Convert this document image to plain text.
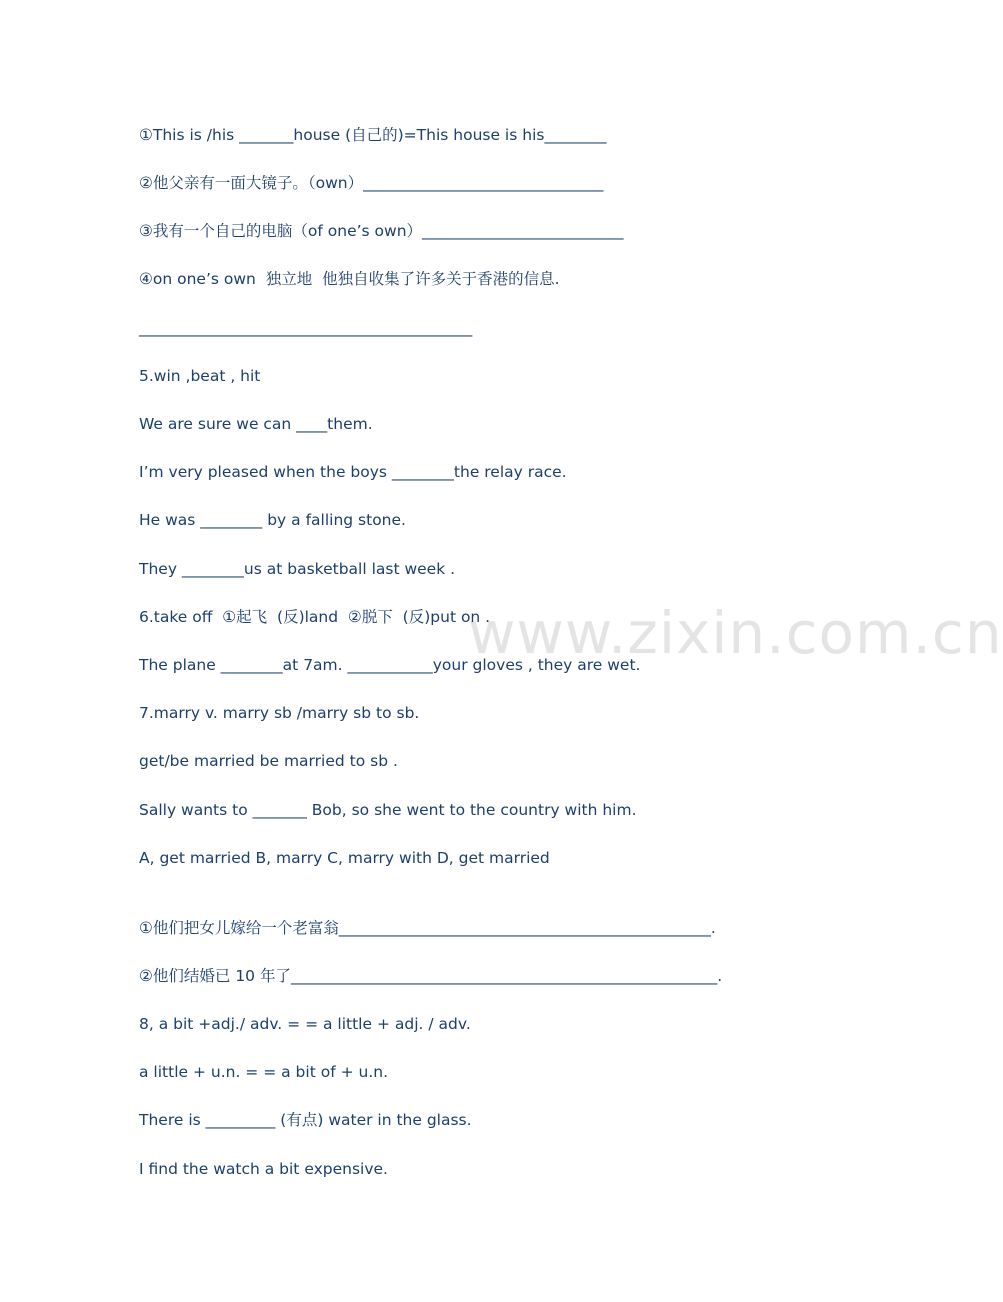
www.zixin.com.cn
①This is /his _______house (自己的)=This house is his________
②他父亲有一面大镜子。（own）_______________________________
③我有一个自己的电脑（of one’s own）__________________________
④on one’s own  独立地  他独自收集了许多关于香港的信息.
___________________________________________
5.win ,beat , hit
We are sure we can ____them.
I’m very pleased when the boys ________the relay race.
He was ________ by a falling stone.
They ________us at basketball last week .
6.take off  ①起飞  (反)land  ②脱下  (反)put on .
The plane ________at 7am. ___________your gloves , they are wet.
7.marry v. marry sb /marry sb to sb.
get/be married be married to sb .
Sally wants to _______ Bob, so she went to the country with him.
A, get married B, marry C, marry with D, get married
①他们把女儿嫁给一个老富翁________________________________________________.
②他们结婚已 10 年了_______________________________________________________.
8, a bit +adj./ adv. = = a little + adj. / adv.
a little + u.n. = = a bit of + u.n.
There is _________ (有点) water in the glass.
I find the watch a bit expensive.
